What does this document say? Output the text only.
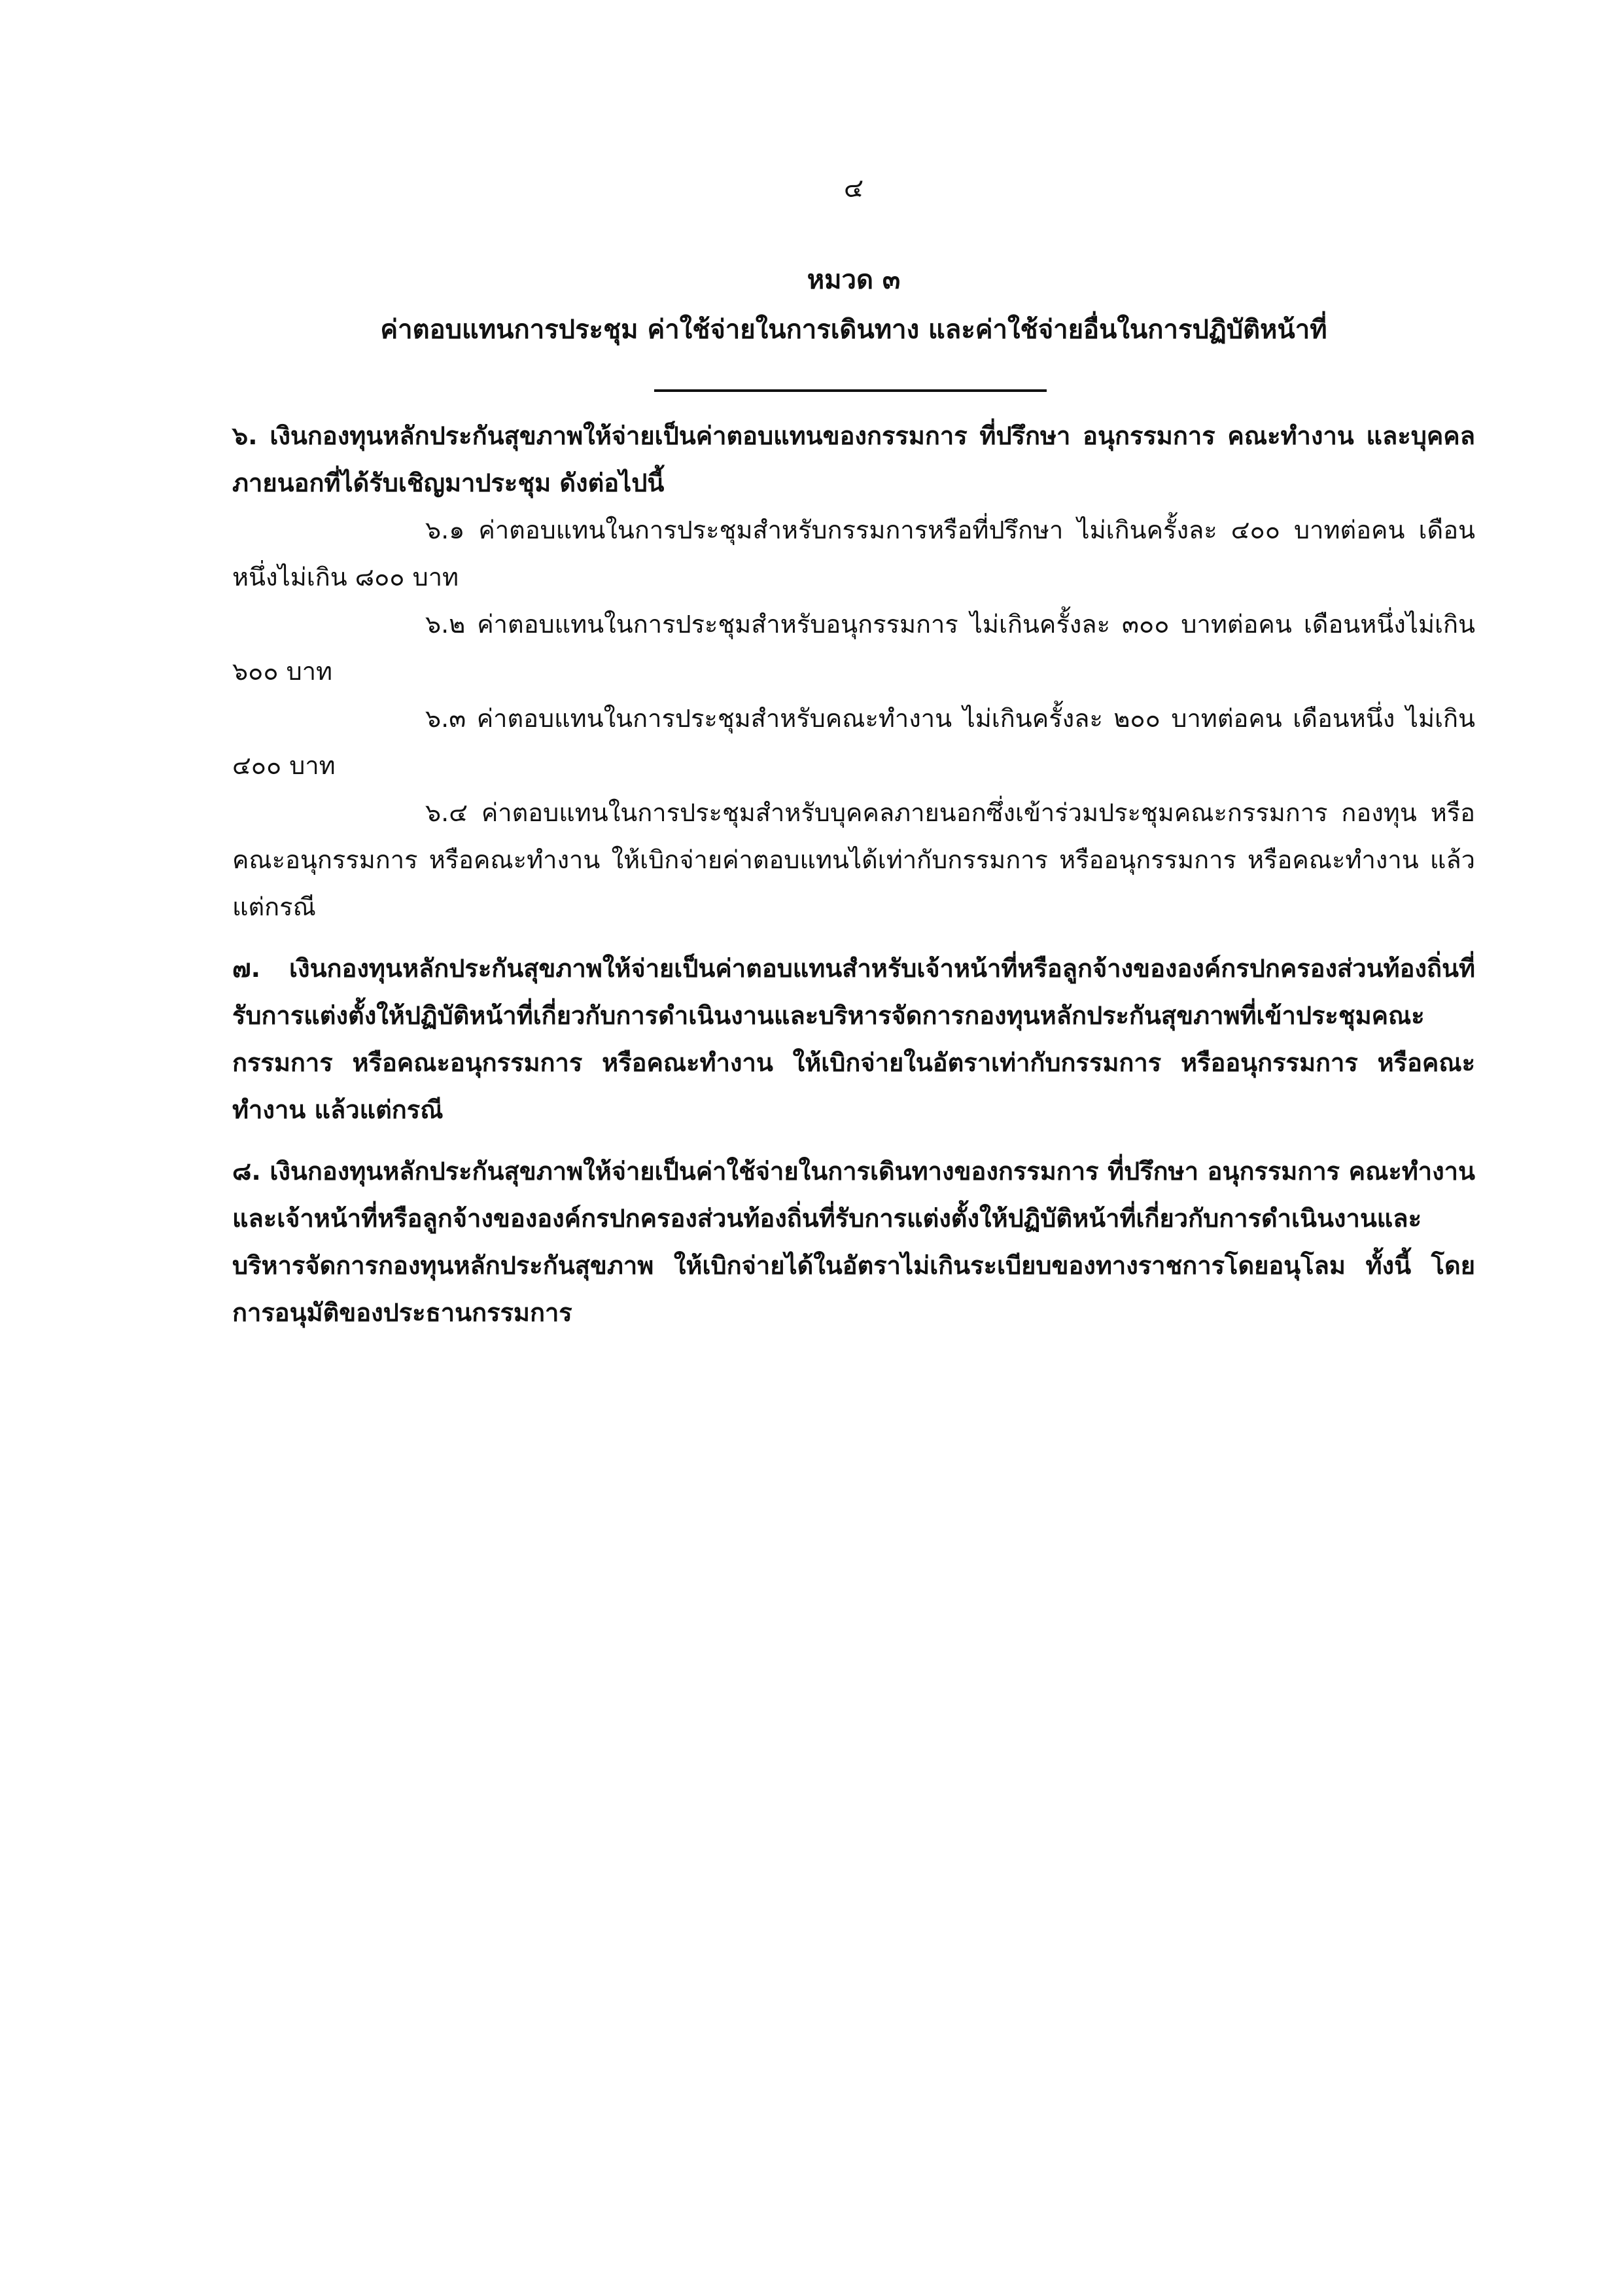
๔
หมวด ๓
ค่าตอบแทนการประชุม ค่าใช้จ่ายในการเดินทาง และค่าใช้จ่ายอื่นในการปฏิบัติหน้าที่

๖. เงินกองทุนหลักประกันสุขภาพให้จ่ายเป็นค่าตอบแทนของกรรมการ ที่ปรึกษา อนุกรรมการ คณะทำงาน และบุคคลภายนอกที่ได้รับเชิญมาประชุม ดังต่อไปนี้

๖.๑ ค่าตอบแทนในการประชุมสำหรับกรรมการหรือที่ปรึกษา ไม่เกินครั้งละ ๔๐๐ บาทต่อคน เดือนหนึ่งไม่เกิน ๘๐๐ บาท

๖.๒ ค่าตอบแทนในการประชุมสำหรับอนุกรรมการ ไม่เกินครั้งละ ๓๐๐ บาทต่อคน เดือนหนึ่งไม่เกิน ๖๐๐ บาท

๖.๓ ค่าตอบแทนในการประชุมสำหรับคณะทำงาน ไม่เกินครั้งละ ๒๐๐ บาทต่อคน เดือนหนึ่ง ไม่เกิน ๔๐๐ บาท

๖.๔ ค่าตอบแทนในการประชุมสำหรับบุคคลภายนอกซึ่งเข้าร่วมประชุมคณะกรรมการ กองทุน หรือคณะอนุกรรมการ หรือคณะทำงาน ให้เบิกจ่ายค่าตอบแทนได้เท่ากับกรรมการ หรืออนุกรรมการ หรือคณะทำงาน แล้วแต่กรณี

๗. เงินกองทุนหลักประกันสุขภาพให้จ่ายเป็นค่าตอบแทนสำหรับเจ้าหน้าที่หรือลูกจ้างขององค์กรปกครองส่วนท้องถิ่นที่รับการแต่งตั้งให้ปฏิบัติหน้าที่เกี่ยวกับการดำเนินงานและบริหารจัดการกองทุนหลักประกันสุขภาพที่เข้าประชุมคณะกรรมการ หรือคณะอนุกรรมการ หรือคณะทำงาน ให้เบิกจ่ายในอัตราเท่ากับกรรมการ หรืออนุกรรมการ หรือคณะทำงาน แล้วแต่กรณี

๘. เงินกองทุนหลักประกันสุขภาพให้จ่ายเป็นค่าใช้จ่ายในการเดินทางของกรรมการ ที่ปรึกษา อนุกรรมการ คณะทำงาน และเจ้าหน้าที่หรือลูกจ้างขององค์กรปกครองส่วนท้องถิ่นที่รับการแต่งตั้งให้ปฏิบัติหน้าที่เกี่ยวกับการดำเนินงานและบริหารจัดการกองทุนหลักประกันสุขภาพ ให้เบิกจ่ายได้ในอัตราไม่เกินระเบียบของทางราชการโดยอนุโลม ทั้งนี้ โดยการอนุมัติของประธานกรรมการ
